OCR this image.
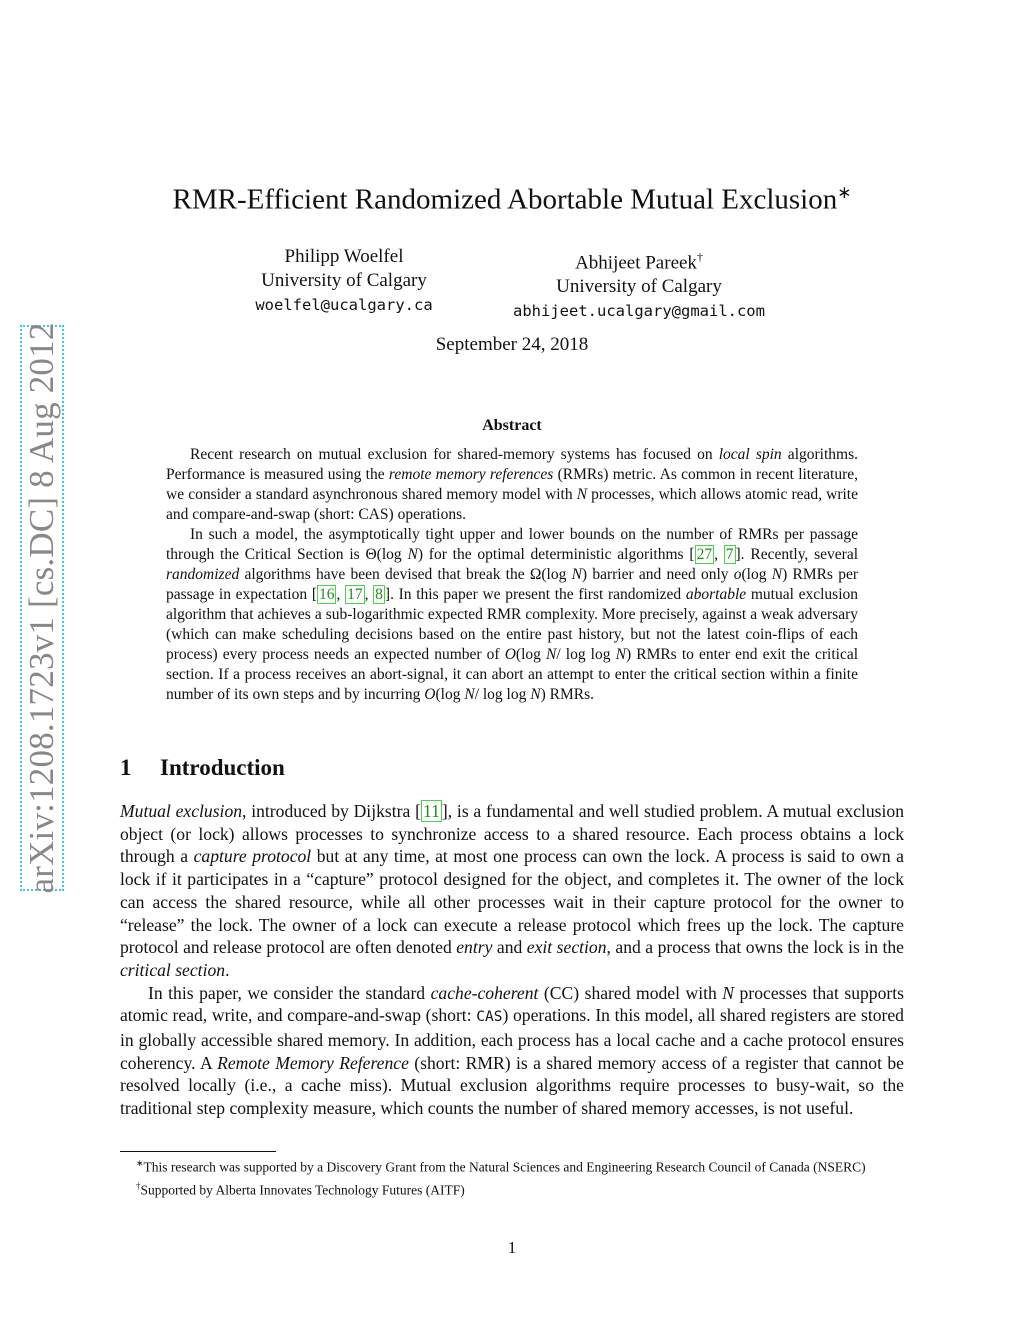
arXiv:1208.1723v1 [cs.DC] 8 Aug 2012
RMR-Efficient Randomized Abortable Mutual Exclusion∗
Philipp Woelfel
University of Calgary
woelfel@ucalgary.ca
Abhijeet Pareek†
University of Calgary
abhijeet.ucalgary@gmail.com
September 24, 2018
Abstract

Recent research on mutual exclusion for shared-memory systems has focused on local spin algorithms. Performance is measured using the remote memory references (RMRs) metric. As common in recent literature, we consider a standard asynchronous shared memory model with N processes, which allows atomic read, write and compare-and-swap (short: CAS) operations.

In such a model, the asymptotically tight upper and lower bounds on the number of RMRs per passage through the Critical Section is Θ(log N) for the optimal deterministic algorithms [ 27 , 7 ]. Recently, several randomized algorithms have been devised that break the Ω(log N) barrier and need only o(log N) RMRs per passage in expectation [ 16 , 17 , 8 ]. In this paper we present the first randomized abortable mutual exclusion algorithm that achieves a sub-logarithmic expected RMR complexity. More precisely, against a weak adversary (which can make scheduling decisions based on the entire past history, but not the latest coin-flips of each process) every process needs an expected number of O(log N/ log log N) RMRs to enter end exit the critical section. If a process receives an abort-signal, it can abort an attempt to enter the critical section within a finite number of its own steps and by incurring O(log N/ log log N) RMRs.

1 Introduction

Mutual exclusion, introduced by Dijkstra [ 11 ], is a fundamental and well studied problem. A mutual exclusion object (or lock) allows processes to synchronize access to a shared resource. Each process obtains a lock through a capture protocol but at any time, at most one process can own the lock. A process is said to own a lock if it participates in a “capture” protocol designed for the object, and completes it. The owner of the lock can access the shared resource, while all other processes wait in their capture protocol for the owner to “release” the lock. The owner of a lock can execute a release protocol which frees up the lock. The capture protocol and release protocol are often denoted entry and exit section, and a process that owns the lock is in the critical section.

In this paper, we consider the standard cache-coherent (CC) shared model with N processes that supports atomic read, write, and compare-and-swap (short: CAS) operations. In this model, all shared registers are stored in globally accessible shared memory. In addition, each process has a local cache and a cache protocol ensures coherency. A Remote Memory Reference (short: RMR) is a shared memory access of a register that cannot be resolved locally (i.e., a cache miss). Mutual exclusion algorithms require processes to busy-wait, so the traditional step complexity measure, which counts the number of shared memory accesses, is not useful.

∗This research was supported by a Discovery Grant from the Natural Sciences and Engineering Research Council of Canada (NSERC)

†Supported by Alberta Innovates Technology Futures (AITF)

1
